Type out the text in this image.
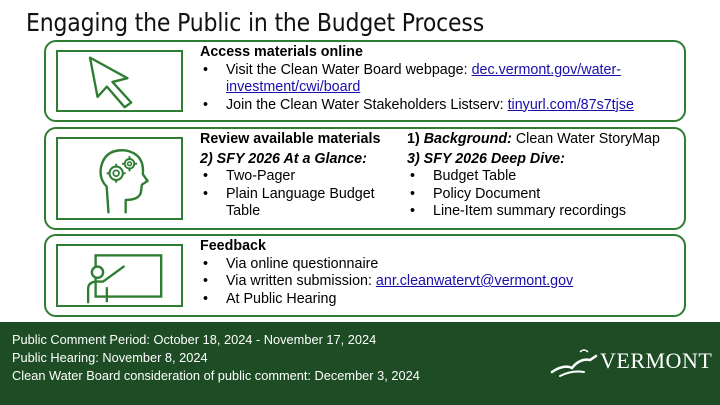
Engaging the Public in the Budget Process
Access materials online
• Visit the Clean Water Board webpage: dec.vermont.gov/water-
investment/cwi/board
• Join the Clean Water Stakeholders Listserv: tinyurl.com/87s7tjse
Review available materials
2) SFY 2026 At a Glance:
• Two-Pager
• Plain Language Budget
Table
1) Background: Clean Water StoryMap
3) SFY 2026 Deep Dive:
• Budget Table
• Policy Document
• Line-Item summary recordings
Feedback
• Via online questionnaire
• Via written submission: anr.cleanwatervt@vermont.gov
• At Public Hearing
Public Comment Period: October 18, 2024 - November 17, 2024
Public Hearing: November 8, 2024
Clean Water Board consideration of public comment: December 3, 2024
VERMONT
